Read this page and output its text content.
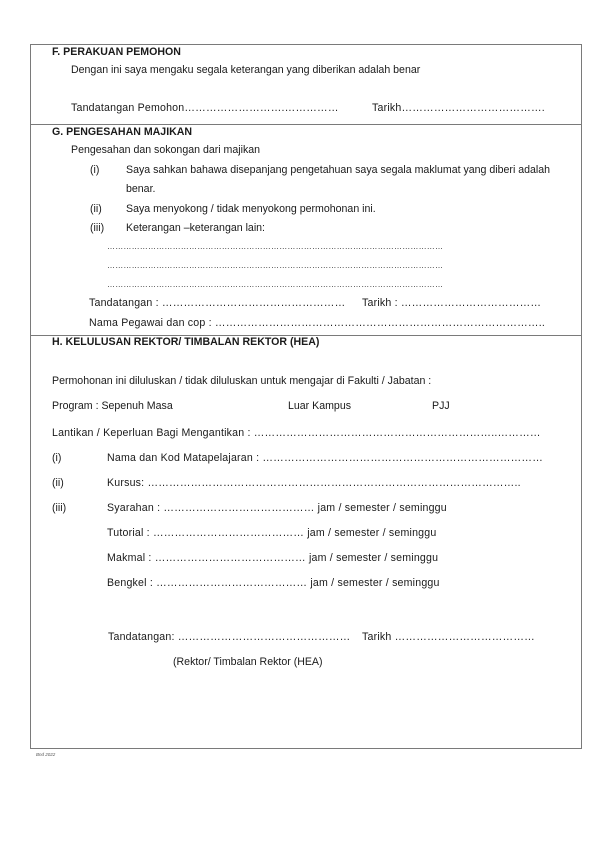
F. PERAKUAN PEMOHON
Dengan ini saya mengaku segala keterangan yang diberikan adalah benar
Tandatangan Pemohon……………………….……………	Tarikh………………………………….
G. PENGESAHAN MAJIKAN
Pengesahan dan sokongan dari majikan
(i)	Saya sahkan bahawa disepanjang pengetahuan saya segala maklumat yang diberi adalah
benar.
(ii) Saya menyokong / tidak menyokong permohonan ini.
(iii) Keterangan –keterangan lain:
……………………………………………………………………………………………………………
……………………………………………………………………………………………………………
……………………………………………………………………………………………………………
Tandatangan : …………………………………………… Tarikh : …………………………………
Nama Pegawai dan cop : ………………………………………………………………………………..
H. KELULUSAN REKTOR/ TIMBALAN REKTOR (HEA)
Permohonan ini diluluskan / tidak diluluskan untuk mengajar di Fakulti / Jabatan :
Program : Sepenuh Masa	Luar Kampus	PJJ
Lantikan / Keperluan Bagi Mengantikan : …………………………………………………………..…………
(i)	Nama dan Kod Matapelajaran : ……………………………………………………………………
(ii)	Kursus: …………………………………………………………………………………………..
(iii)	Syarahan : …………………………………… jam / semester / seminggu
Tutorial : …………………………………… jam / semester / seminggu
Makmal : …………………………………… jam / semester / seminggu
Bengkel : …………………………………… jam / semester / seminggu
Tandatangan: ………………………………………… Tarikh …………………………………
(Rektor/ Timbalan Rektor (HEA)
Bnd 2022
